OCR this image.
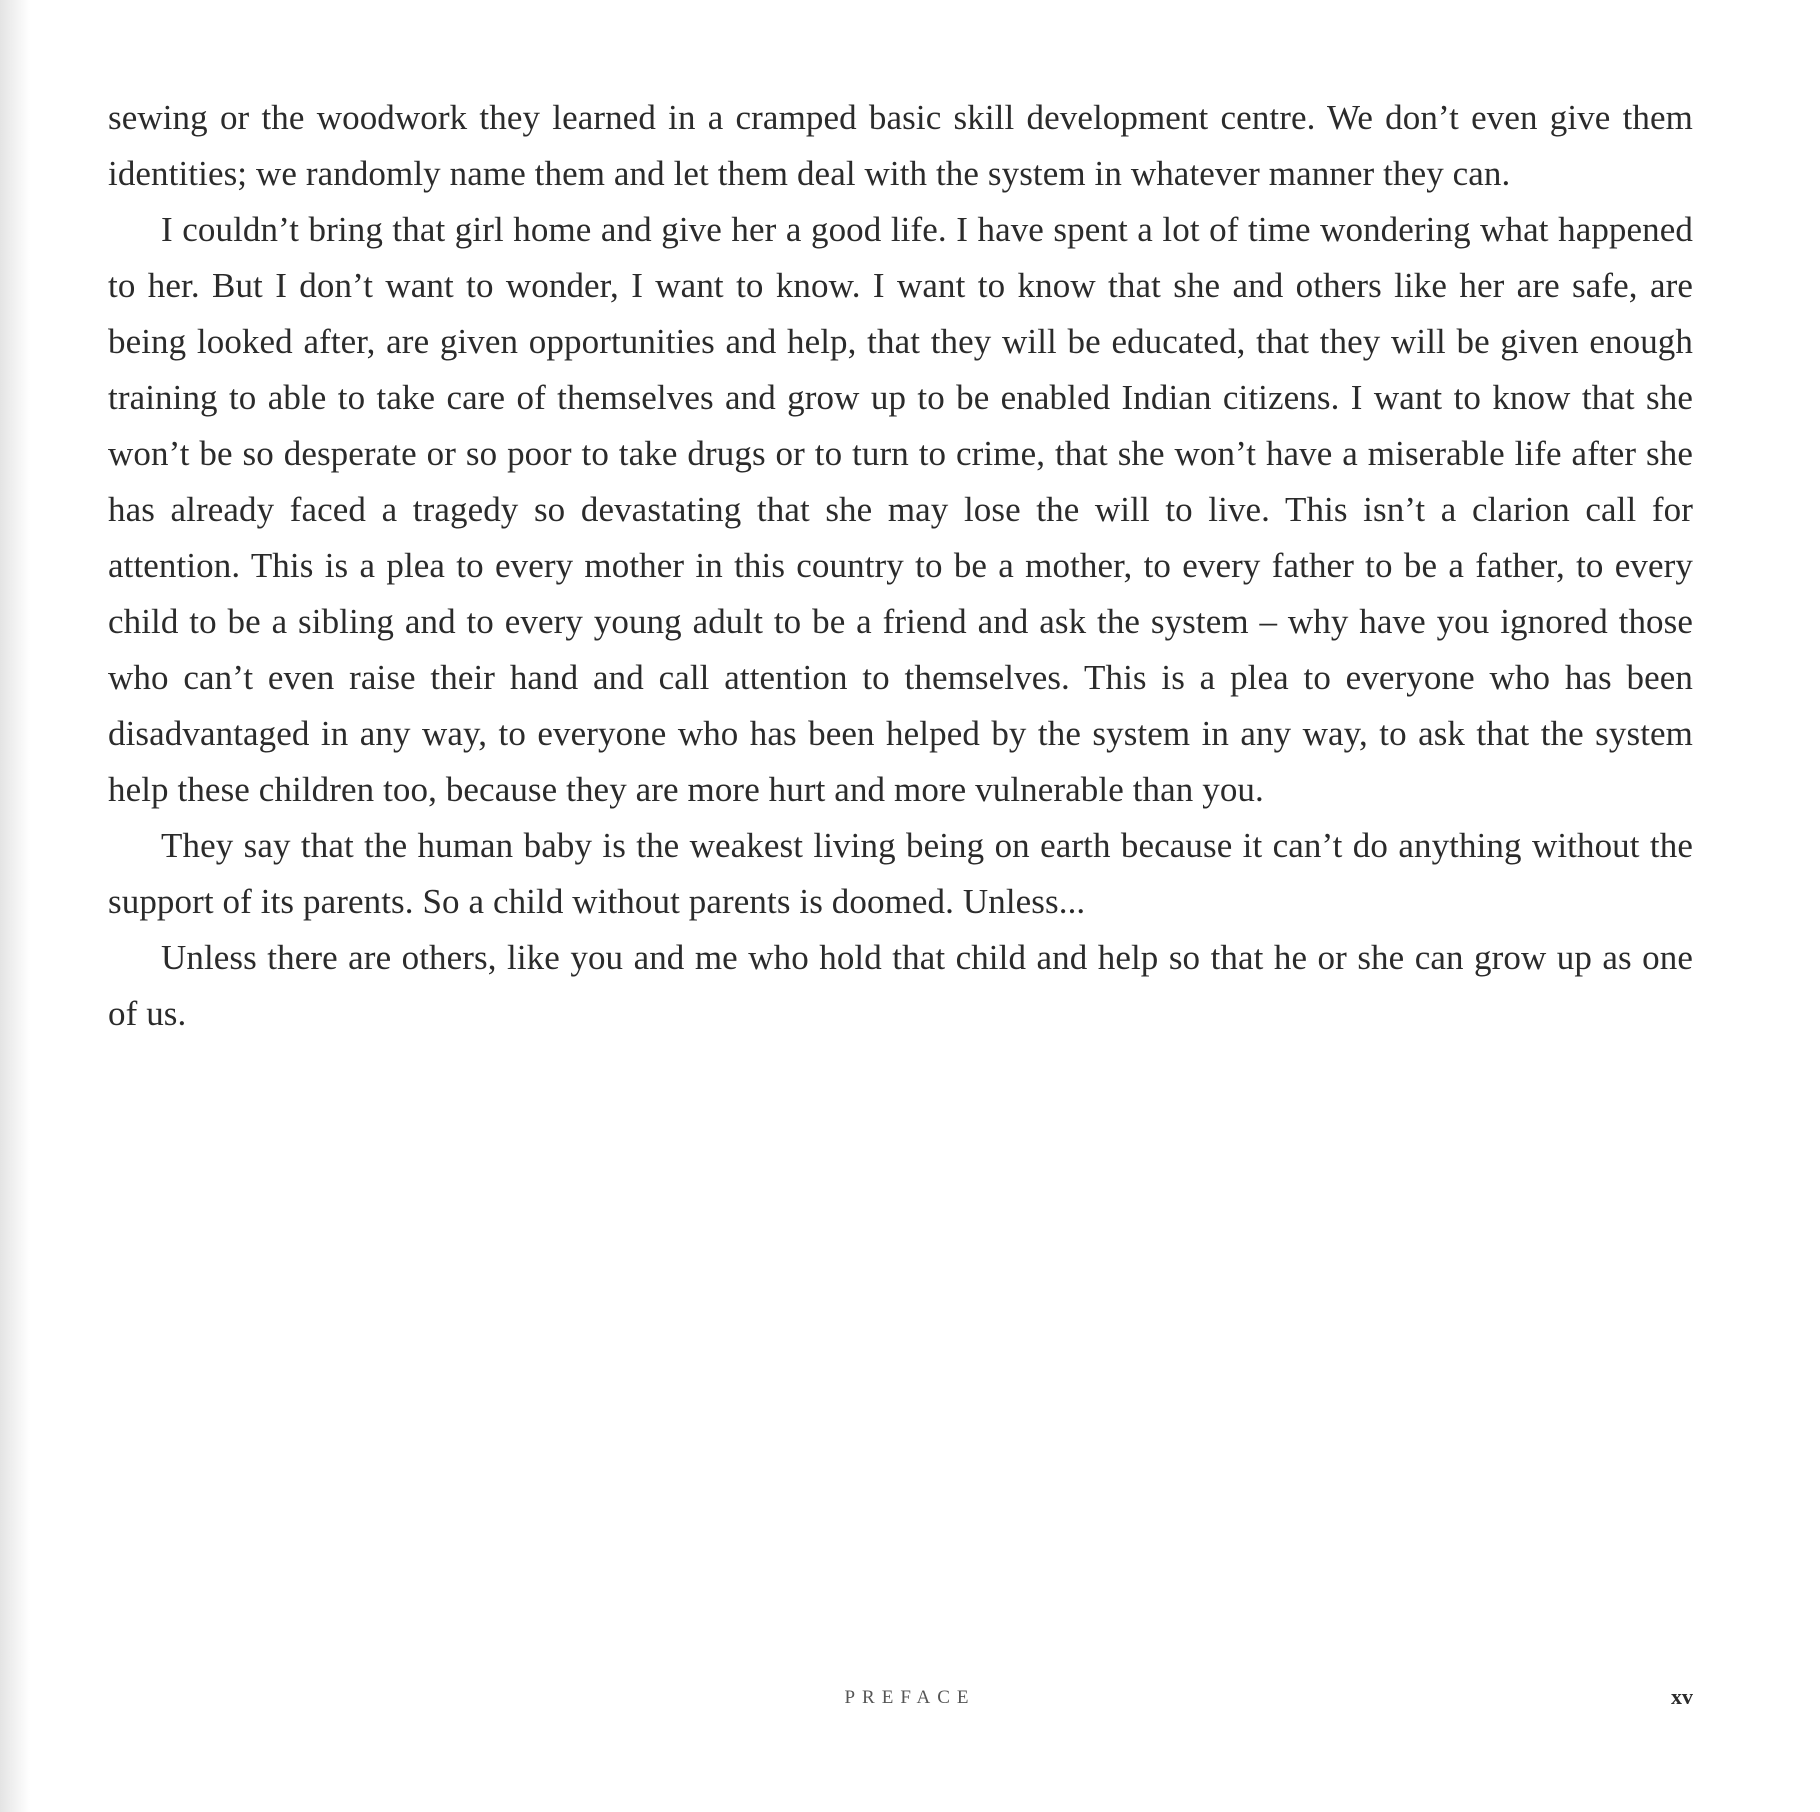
sewing or the woodwork they learned in a cramped basic skill development centre. We don’t even give them identities; we randomly name them and let them deal with the system in whatever manner they can.

I couldn’t bring that girl home and give her a good life. I have spent a lot of time wondering what happened to her. But I don’t want to wonder, I want to know. I want to know that she and others like her are safe, are being looked after, are given opportunities and help, that they will be educated, that they will be given enough training to able to take care of themselves and grow up to be enabled Indian citizens. I want to know that she won’t be so desperate or so poor to take drugs or to turn to crime, that she won’t have a miserable life after she has already faced a tragedy so devastating that she may lose the will to live. This isn’t a clarion call for attention. This is a plea to every mother in this country to be a mother, to every father to be a father, to every child to be a sibling and to every young adult to be a friend and ask the system – why have you ignored those who can’t even raise their hand and call attention to themselves. This is a plea to everyone who has been disadvantaged in any way, to everyone who has been helped by the system in any way, to ask that the system help these children too, because they are more hurt and more vulnerable than you.

They say that the human baby is the weakest living being on earth because it can’t do anything without the support of its parents. So a child without parents is doomed. Unless...

Unless there are others, like you and me who hold that child and help so that he or she can grow up as one of us.

PREFACE	xv
